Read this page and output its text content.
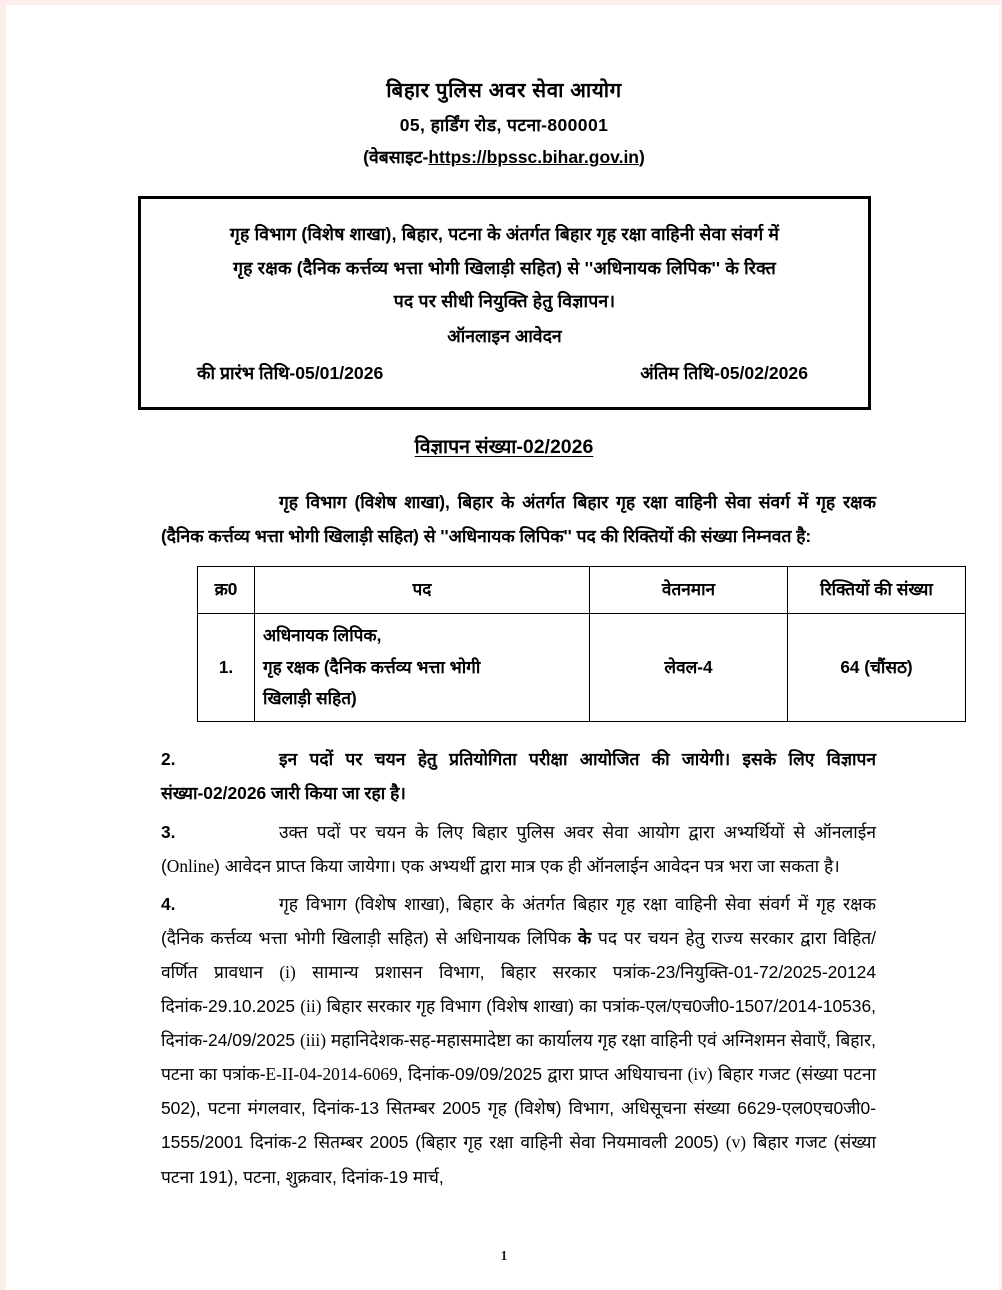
बिहार पुलिस अवर सेवा आयोग
05, हार्डिंग रोड, पटना-800001
(वेबसाइट-https://bpssc.bihar.gov.in)
गृह विभाग (विशेष शाखा), बिहार, पटना के अंतर्गत बिहार गृह रक्षा वाहिनी सेवा संवर्ग में
गृह रक्षक (दैनिक कर्त्तव्य भत्ता भोगी खिलाड़ी सहित) से ''अधिनायक लिपिक'' के रिक्त
पद पर सीधी नियुक्ति हेतु विज्ञापन।
ऑनलाइन आवेदन
की प्रारंभ तिथि-05/01/2026	अंतिम तिथि-05/02/2026
विज्ञापन संख्या-02/2026

गृह विभाग (विशेष शाखा), बिहार के अंतर्गत बिहार गृह रक्षा वाहिनी सेवा संवर्ग में गृह रक्षक (दैनिक कर्त्तव्य भत्ता भोगी खिलाड़ी सहित) से ''अधिनायक लिपिक'' पद की रिक्तियों की संख्या निम्नवत है:

क्र0	पद	वेतनमान	रिक्तियों की संख्या
1.	अधिनायक लिपिक,
गृह रक्षक (दैनिक कर्त्तव्य भत्ता भोगी
खिलाड़ी सहित)	लेवल-4	64 (चौंसठ)

2.	इन पदों पर चयन हेतु प्रतियोगिता परीक्षा आयोजित की जायेगी। इसके लिए विज्ञापन संख्या-02/2026 जारी किया जा रहा है।

3.	उक्त पदों पर चयन के लिए बिहार पुलिस अवर सेवा आयोग द्वारा अभ्यर्थियों से ऑनलाईन (Online) आवेदन प्राप्त किया जायेगा। एक अभ्यर्थी द्वारा मात्र एक ही ऑनलाईन आवेदन पत्र भरा जा सकता है।

4.	गृह विभाग (विशेष शाखा), बिहार के अंतर्गत बिहार गृह रक्षा वाहिनी सेवा संवर्ग में गृह रक्षक (दैनिक कर्त्तव्य भत्ता भोगी खिलाड़ी सहित) से अधिनायक लिपिक के पद पर चयन हेतु राज्य सरकार द्वारा विहित/वर्णित प्रावधान (i) सामान्य प्रशासन विभाग, बिहार सरकार पत्रांक-23/नियुक्ति-01-72/2025-20124 दिनांक-29.10.2025 (ii) बिहार सरकार गृह विभाग (विशेष शाखा) का पत्रांक-एल/एच0जी0-1507/2014-10536, दिनांक-24/09/2025 (iii) महानिदेशक-सह-महासमादेष्टा का कार्यालय गृह रक्षा वाहिनी एवं अग्निशमन सेवाएँ, बिहार, पटना का पत्रांक-E-II-04-2014-6069, दिनांक-09/09/2025 द्वारा प्राप्त अधियाचना (iv) बिहार गजट (संख्या पटना 502), पटना मंगलवार, दिनांक-13 सितम्बर 2005 गृह (विशेष) विभाग, अधिसूचना संख्या 6629-एल0एच0जी0-1555/2001 दिनांक-2 सितम्बर 2005 (बिहार गृह रक्षा वाहिनी सेवा नियमावली 2005) (v) बिहार गजट (संख्या पटना 191), पटना, शुक्रवार, दिनांक-19 मार्च,

1
